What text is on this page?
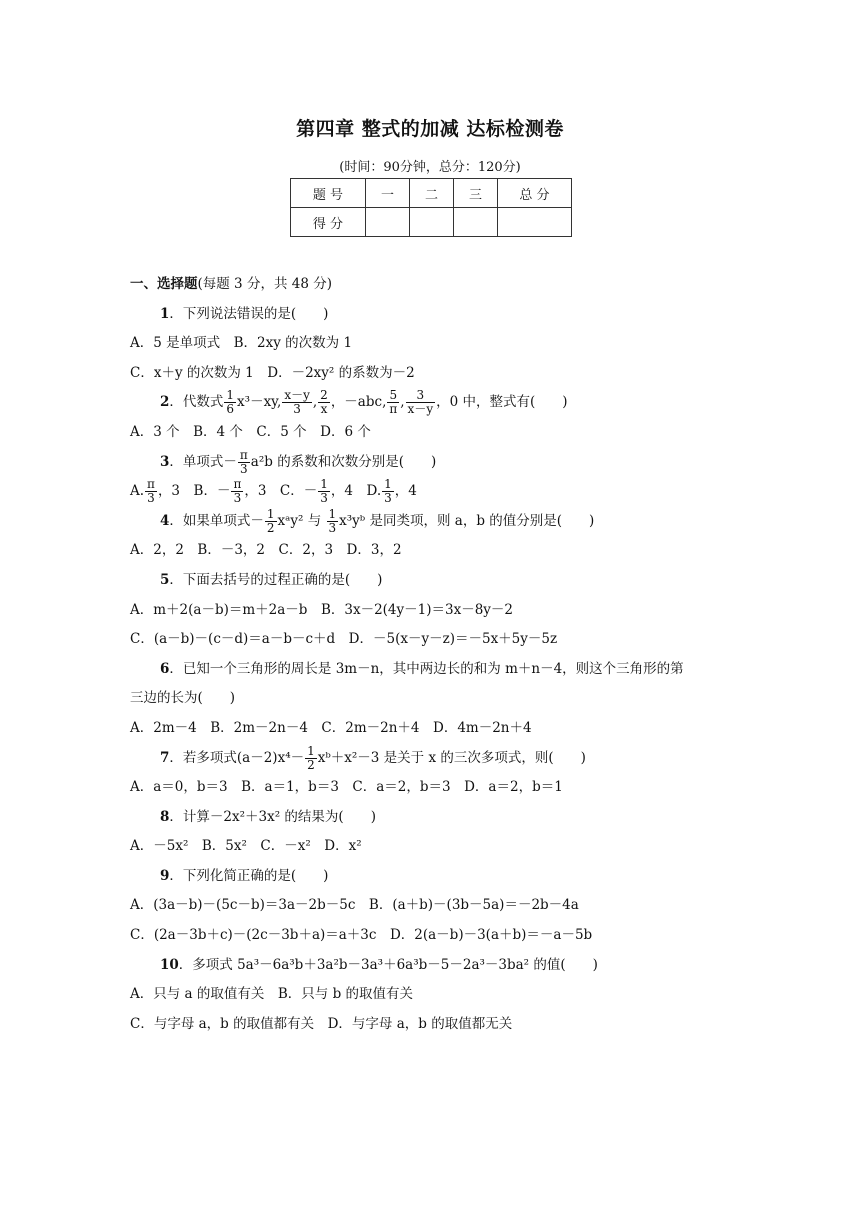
第四章 整式的加减 达标检测卷
(时间：90分钟，总分：120分)
题 号	一	二	三	总 分
得 分				
一、选择题(每题 3 分，共 48 分)
1．下列说法错误的是(　　)
A．5 是单项式　B．2xy 的次数为 1
C．x＋y 的次数为 1　D．－2xy² 的系数为－2
2．代数式 $\frac{1}{6} x^3-xy$, $\frac{x-y}{3}$ , $\frac{2}{x}$ ，－abc, $\frac{5}{\pi}$ , $\frac{3}{x-y}$ ，0 中，整式有(　　)
A．3 个　B．4 个　C．5 个　D．6 个
3．单项式－ $\frac{\pi}{3} a^2b$ 的系数和次数分别是(　　)
A. $\frac{\pi}{3}$ ，3　B．－ $\frac{\pi}{3}$ ，3　C．－ $\frac{1}{3}$ ，4　D. $\frac{1}{3}$ ，4
4．如果单项式－ $\frac{1}{2}$ xᵃy² 与 $\frac{1}{3}$ x³yᵇ 是同类项，则 a，b 的值分别是(　　)
A．2，2　B．－3，2　C．2，3　D．3，2
5．下面去括号的过程正确的是(　　)
A．m＋2(a－b)＝m＋2a－b　B．3x－2(4y－1)＝3x－8y－2
C．(a－b)－(c－d)＝a－b－c＋d　D．－5(x－y－z)＝－5x＋5y－5z
6．已知一个三角形的周长是 3m－n，其中两边长的和为 m＋n－4，则这个三角形的第
三边的长为(　　)
A．2m－4　B．2m－2n－4　C．2m－2n＋4　D．4m－2n＋4
7．若多项式$(a-2)x^4- \frac{1}{2}$ xᵇ＋x²－3 是关于 x 的三次多项式，则(　　)
A．a＝0，b＝3　B．a＝1，b＝3　C．a＝2，b＝3　D．a＝2，b＝1
8．计算－2x²＋3x² 的结果为(　　)
A．－5x²　B．5x²　C．－x²　D．x²
9．下列化简正确的是(　　)
A．(3a－b)－(5c－b)＝3a－2b－5c　B．(a＋b)－(3b－5a)＝－2b－4a
C．(2a－3b＋c)－(2c－3b＋a)＝a＋3c　D．2(a－b)－3(a＋b)＝－a－5b
10．多项式 5a³－6a³b＋3a²b－3a³＋6a³b－5－2a³－3ba² 的值(　　)
A．只与 a 的取值有关　B．只与 b 的取值有关
C．与字母 a，b 的取值都有关　D．与字母 a，b 的取值都无关
